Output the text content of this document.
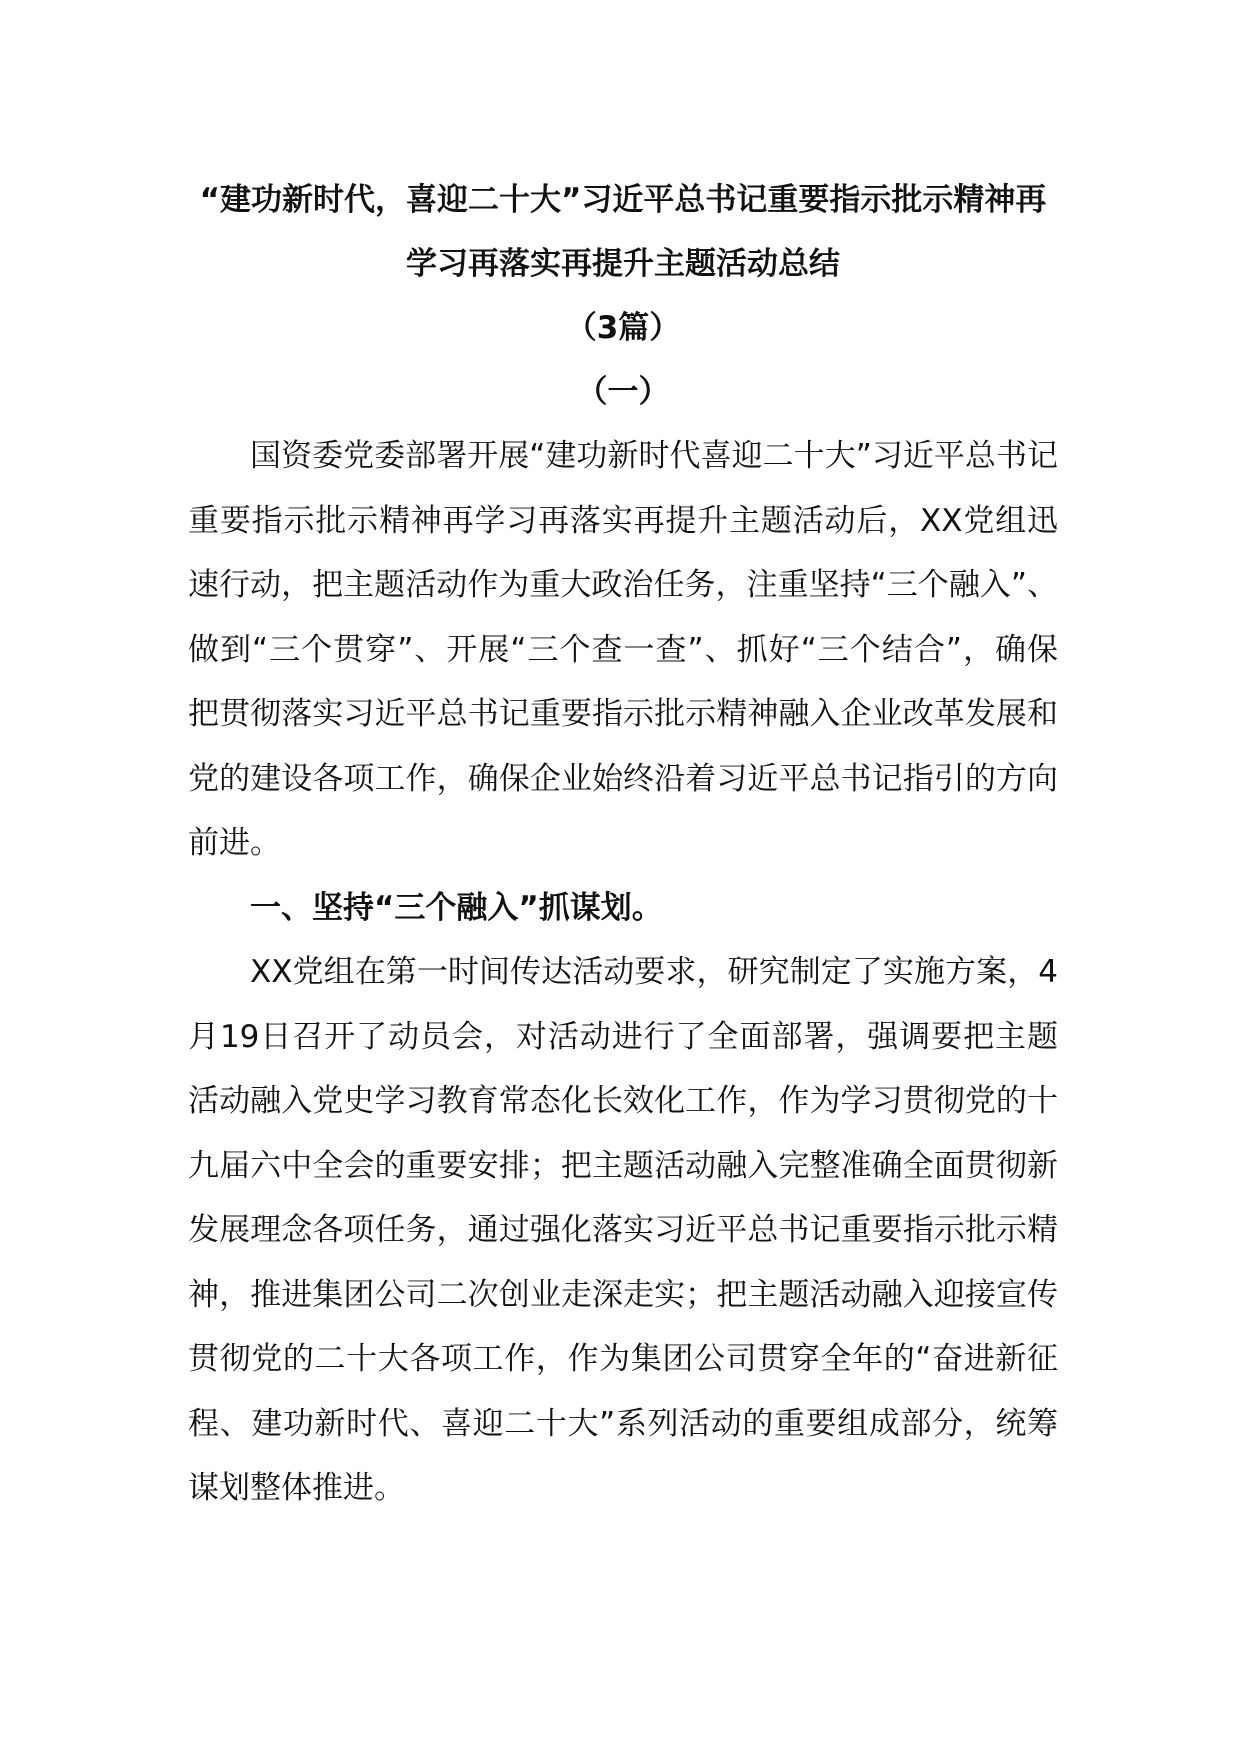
“建功新时代，喜迎二十大”习近平总书记重要指示批示精神再学习再落实再提升主题活动总结

（3篇）

（一）

国资委党委部署开展“建功新时代喜迎二十大”习近平总书记重要指示批示精神再学习再落实再提升主题活动后，XX党组迅速行动，把主题活动作为重大政治任务，注重坚持“三个融入”、做到“三个贯穿”、开展“三个查一查”、抓好“三个结合”，确保把贯彻落实习近平总书记重要指示批示精神融入企业改革发展和党的建设各项工作，确保企业始终沿着习近平总书记指引的方向前进。

一、坚持“三个融入”抓谋划。

XX党组在第一时间传达活动要求，研究制定了实施方案，4月19日召开了动员会，对活动进行了全面部署，强调要把主题活动融入党史学习教育常态化长效化工作，作为学习贯彻党的十九届六中全会的重要安排；把主题活动融入完整准确全面贯彻新发展理念各项任务，通过强化落实习近平总书记重要指示批示精神，推进集团公司二次创业走深走实；把主题活动融入迎接宣传贯彻党的二十大各项工作，作为集团公司贯穿全年的“奋进新征程、建功新时代、喜迎二十大”系列活动的重要组成部分，统筹谋划整体推进。
